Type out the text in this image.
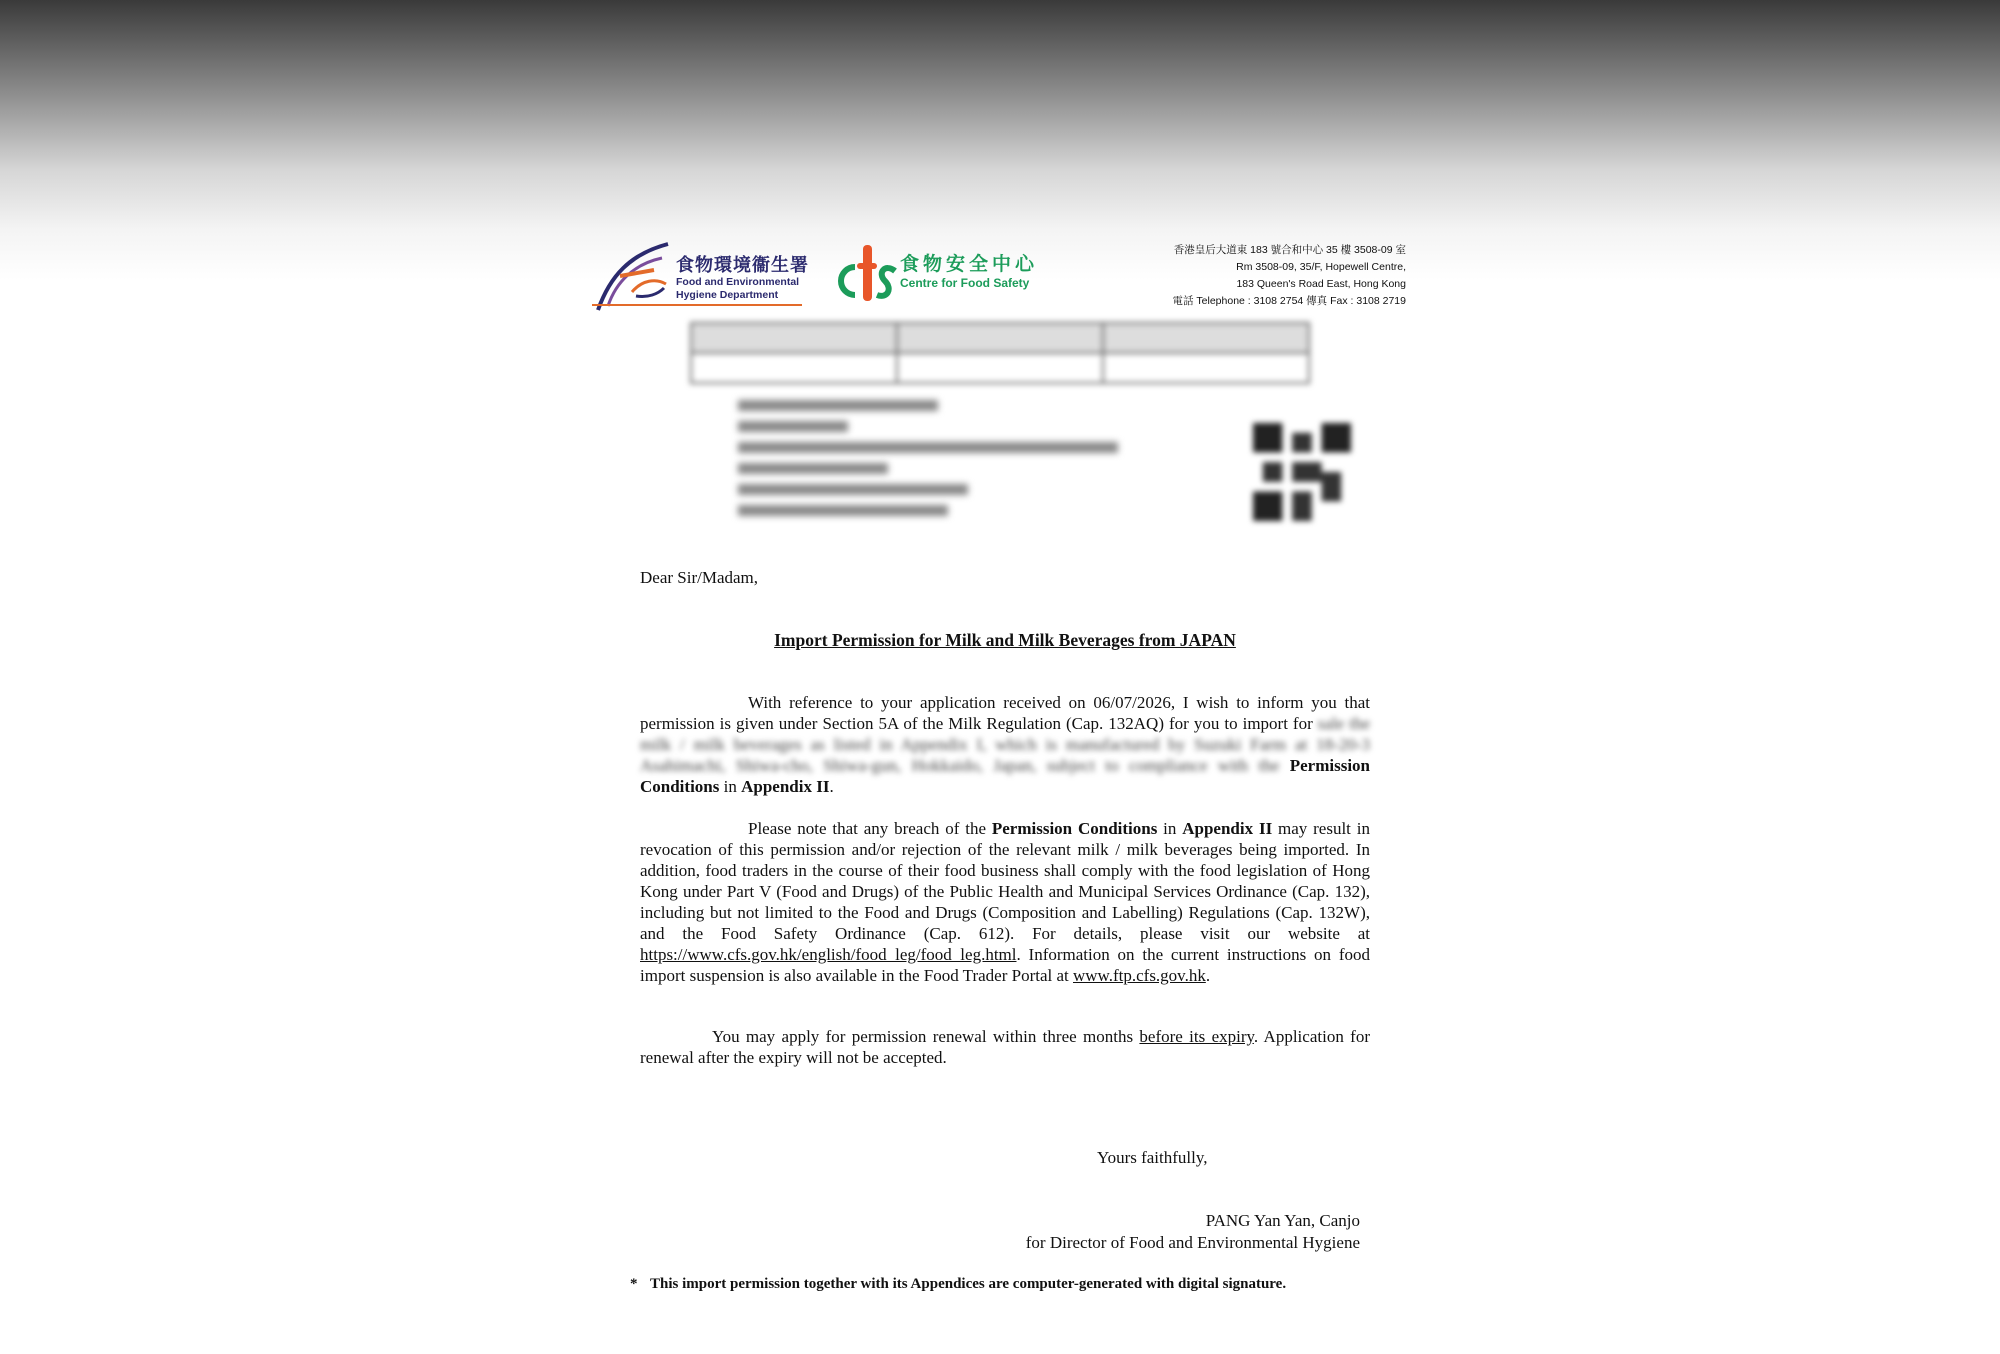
食物環境衞生署
Food and Environmental
Hygiene Department
食物安全中心
Centre for Food Safety
香港皇后大道東 183 號合和中心 35 樓 3508-09 室
Rm 3508-09, 35/F, Hopewell Centre,
183 Queen's Road East, Hong Kong
電話 Telephone : 3108 2754 傳真 Fax : 3108 2719

Dear Sir/Madam,
Import Permission for Milk and Milk Beverages from JAPAN
With reference to your application received on 06/07/2026, I wish to inform you that permission is given under Section 5A of the Milk Regulation (Cap. 132AQ) for you to import for sale the milk / milk beverages as listed in Appendix I, which is manufactured by Suzuki Farm at 18-20-3 Asahimachi, Shiwa-cho, Shiwa-gun, Hokkaido, Japan, subject to compliance with the Permission Conditions in Appendix II.
Please note that any breach of the Permission Conditions in Appendix II may result in revocation of this permission and/or rejection of the relevant milk / milk beverages being imported. In addition, food traders in the course of their food business shall comply with the food legislation of Hong Kong under Part V (Food and Drugs) of the Public Health and Municipal Services Ordinance (Cap. 132), including but not limited to the Food and Drugs (Composition and Labelling) Regulations (Cap. 132W), and the Food Safety Ordinance (Cap. 612). For details, please visit our website at https://www.cfs.gov.hk/english/food_leg/food_leg.html. Information on the current instructions on food import suspension is also available in the Food Trader Portal at www.ftp.cfs.gov.hk.
You may apply for permission renewal within three months before its expiry. Application for renewal after the expiry will not be accepted.
Yours faithfully,
PANG Yan Yan, Canjo
for Director of Food and Environmental Hygiene
* This import permission together with its Appendices are computer-generated with digital signature.
